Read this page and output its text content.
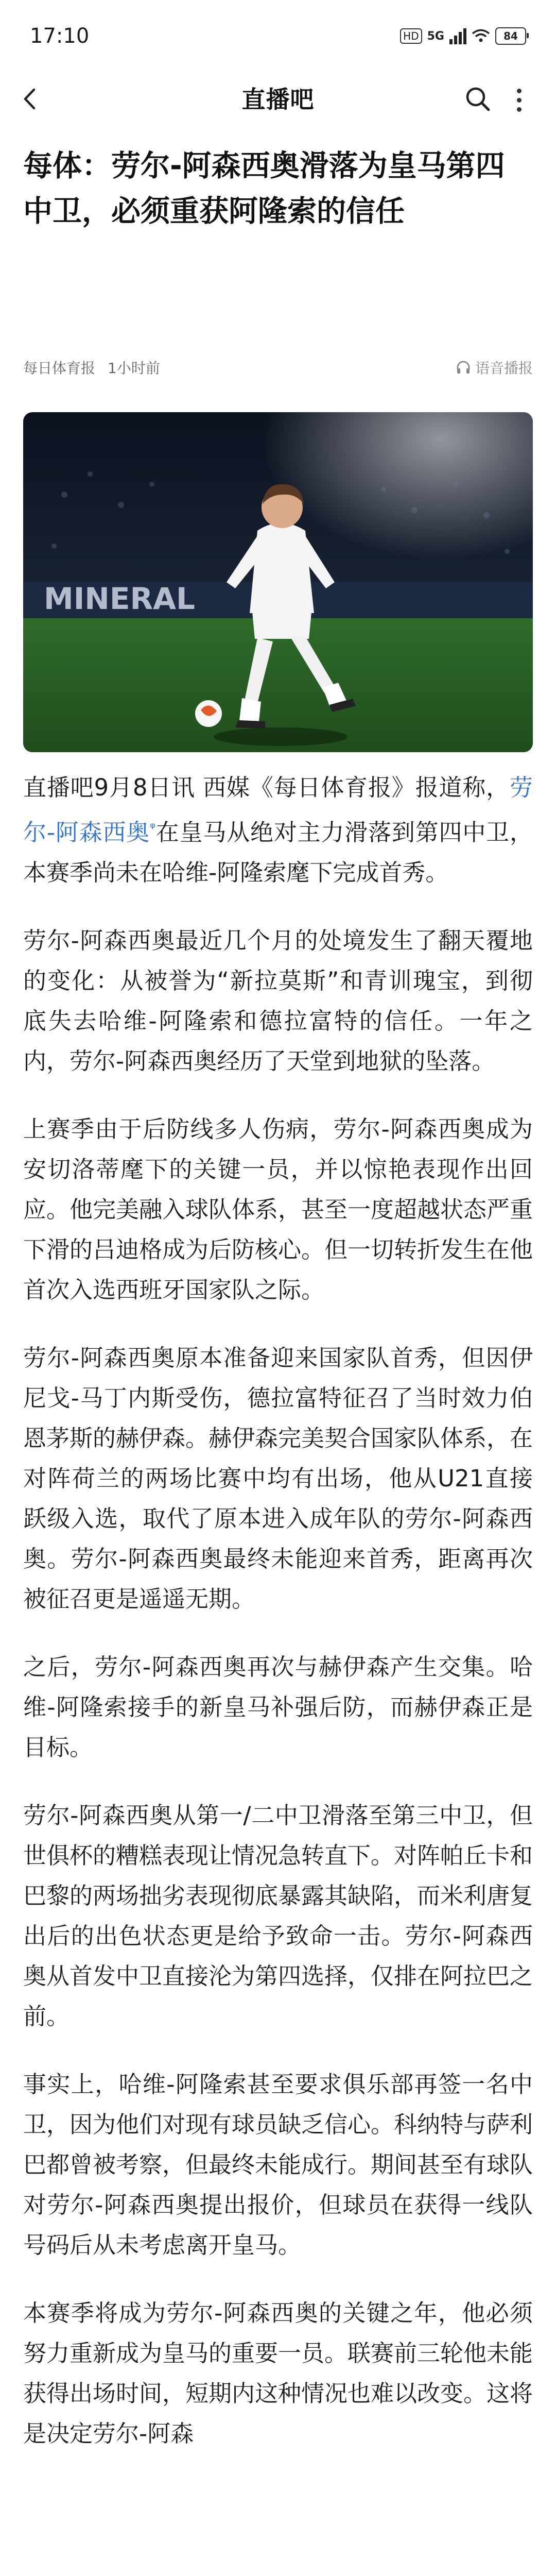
17:10	HD 5G	84
直播吧
每体：劳尔-阿森西奥滑落为皇马第四中卫，必须重获阿隆索的信任
每日体育报 1小时前	语音播报
MINERAL

直播吧9月8日讯 西媒《每日体育报》报道称，劳尔-阿森西奥$^ᵠ$在皇马从绝对主力滑落到第四中卫，本赛季尚未在哈维-阿隆索麾下完成首秀。

劳尔-阿森西奥最近几个月的处境发生了翻天覆地的变化：从被誉为“新拉莫斯”和青训瑰宝，到彻底失去哈维-阿隆索和德拉富特的信任。一年之内，劳尔-阿森西奥经历了天堂到地狱的坠落。

上赛季由于后防线多人伤病，劳尔-阿森西奥成为安切洛蒂麾下的关键一员，并以惊艳表现作出回应。他完美融入球队体系，甚至一度超越状态严重下滑的吕迪格成为后防核心。但一切转折发生在他首次入选西班牙国家队之际。

劳尔-阿森西奥原本准备迎来国家队首秀，但因伊尼戈-马丁内斯受伤，德拉富特征召了当时效力伯恩茅斯的赫伊森。赫伊森完美契合国家队体系，在对阵荷兰的两场比赛中均有出场，他从U21直接跃级入选，取代了原本进入成年队的劳尔-阿森西奥。劳尔-阿森西奥最终未能迎来首秀，距离再次被征召更是遥遥无期。

之后，劳尔-阿森西奥再次与赫伊森产生交集。哈维-阿隆索接手的新皇马补强后防，而赫伊森正是目标。

劳尔-阿森西奥从第一/二中卫滑落至第三中卫，但世俱杯的糟糕表现让情况急转直下。对阵帕丘卡和巴黎的两场拙劣表现彻底暴露其缺陷，而米利唐复出后的出色状态更是给予致命一击。劳尔-阿森西奥从首发中卫直接沦为第四选择，仅排在阿拉巴之前。

事实上，哈维-阿隆索甚至要求俱乐部再签一名中卫，因为他们对现有球员缺乏信心。科纳特与萨利巴都曾被考察，但最终未能成行。期间甚至有球队对劳尔-阿森西奥提出报价，但球员在获得一线队号码后从未考虑离开皇马。

本赛季将成为劳尔-阿森西奥的关键之年，他必须努力重新成为皇马的重要一员。联赛前三轮他未能获得出场时间，短期内这种情况也难以改变。这将是决定劳尔-阿森
